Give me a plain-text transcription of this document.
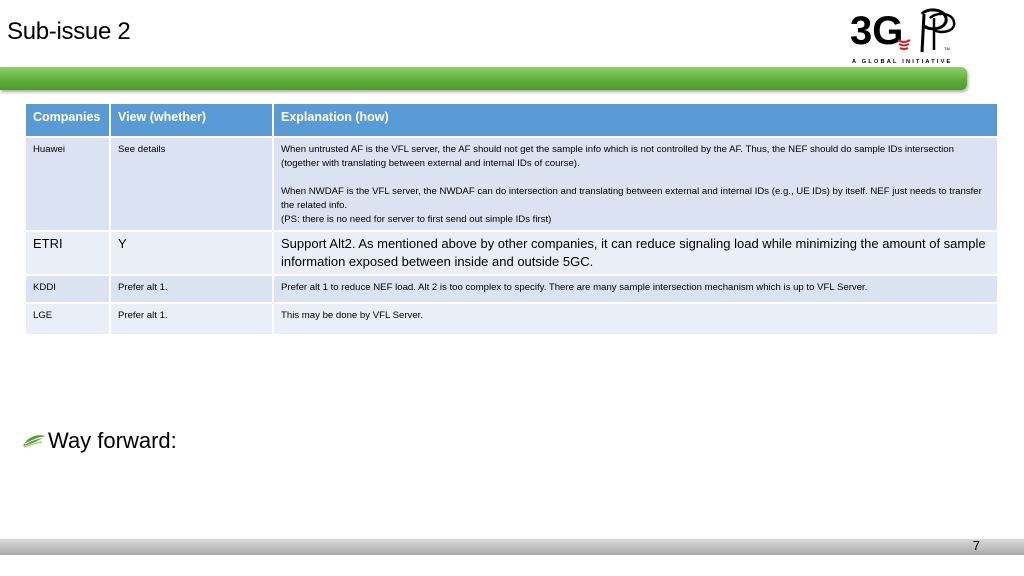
Sub-issue 2	3G	TM
A GLOBAL INITIATIVE
Companies	View (whether)	Explanation (how)
Huawei	See details	When untrusted AF is the VFL server, the AF should not get the sample info which is not controlled by the AF. Thus, the NEF should do sample IDs intersection (together with translating between external and internal IDs of course).
When NWDAF is the VFL server, the NWDAF can do intersection and translating between external and internal IDs (e.g., UE IDs) by itself. NEF just needs to transfer the related info.
(PS: there is no need for server to first send out simple IDs first)

ETRI	Y	Support Alt2. As mentioned above by other companies, it can reduce signaling load while minimizing the amount of sample information exposed between inside and outside 5GC.
KDDI	Prefer alt 1.	Prefer alt 1 to reduce NEF load. Alt 2 is too complex to specify. There are many sample intersection mechanism which is up to VFL Server.
LGE	Prefer alt 1.	This may be done by VFL Server.
Way forward:
7
